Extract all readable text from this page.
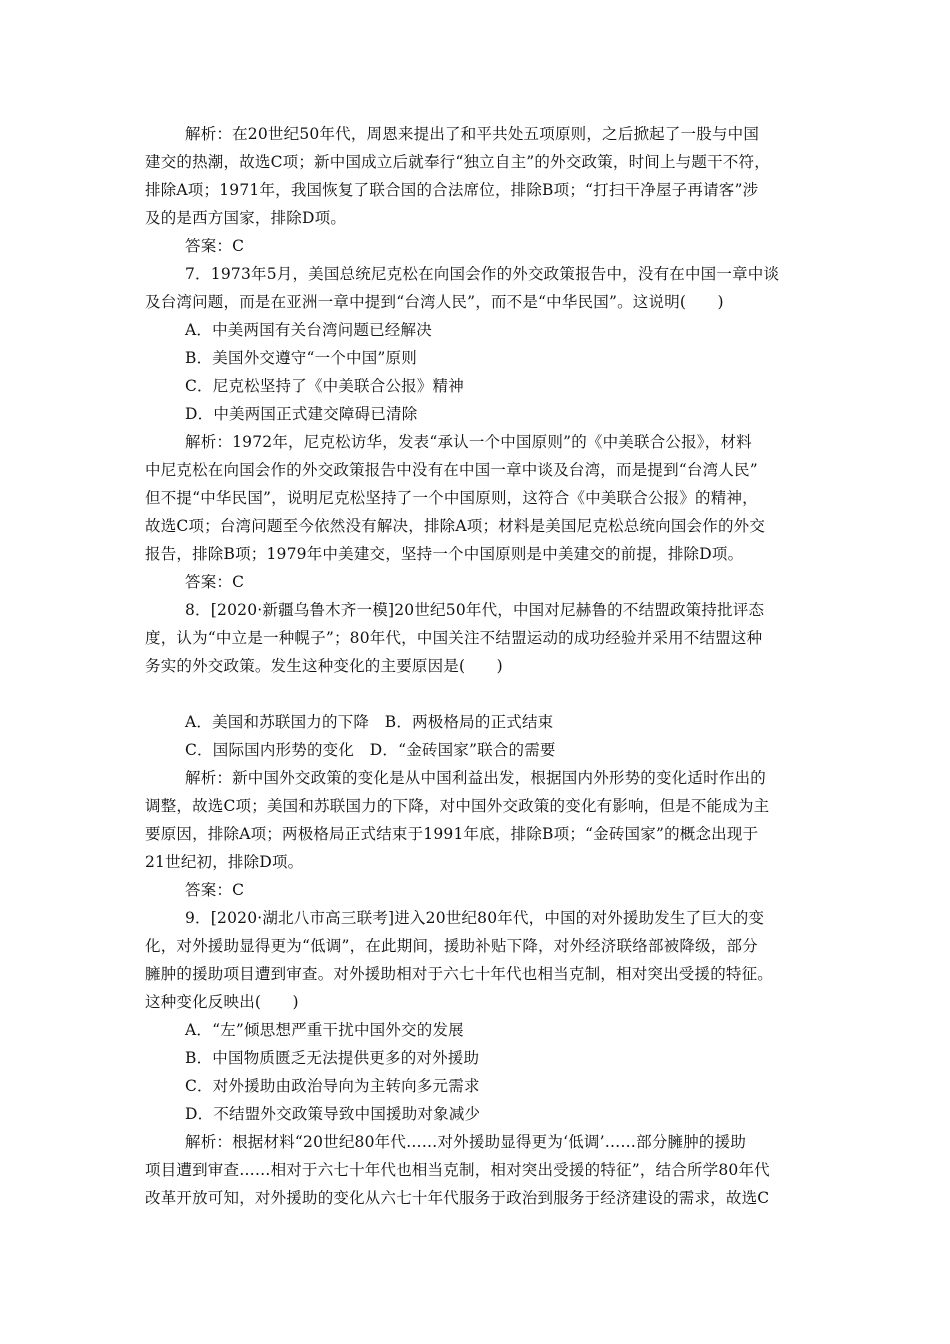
解析：在20世纪50年代，周恩来提出了和平共处五项原则，之后掀起了一股与中国
建交的热潮，故选C项；新中国成立后就奉行“独立自主”的外交政策，时间上与题干不符，
排除A项；1971年，我国恢复了联合国的合法席位，排除B项；“打扫干净屋子再请客”涉
及的是西方国家，排除D项。
答案：C
7．1973年5月，美国总统尼克松在向国会作的外交政策报告中，没有在中国一章中谈
及台湾问题，而是在亚洲一章中提到“台湾人民”，而不是“中华民国”。这说明(　　)
A．中美两国有关台湾问题已经解决
B．美国外交遵守“一个中国”原则
C．尼克松坚持了《中美联合公报》精神
D．中美两国正式建交障碍已清除
解析：1972年，尼克松访华，发表“承认一个中国原则”的《中美联合公报》，材料
中尼克松在向国会作的外交政策报告中没有在中国一章中谈及台湾，而是提到“台湾人民”
但不提“中华民国”，说明尼克松坚持了一个中国原则，这符合《中美联合公报》的精神，
故选C项；台湾问题至今依然没有解决，排除A项；材料是美国尼克松总统向国会作的外交
报告，排除B项；1979年中美建交，坚持一个中国原则是中美建交的前提，排除D项。
答案：C
8．[2020·新疆乌鲁木齐一模]20世纪50年代，中国对尼赫鲁的不结盟政策持批评态
度，认为“中立是一种幌子”；80年代，中国关注不结盟运动的成功经验并采用不结盟这种
务实的外交政策。发生这种变化的主要原因是(　　)
A．美国和苏联国力的下降　B．两极格局的正式结束
C．国际国内形势的变化　D．“金砖国家”联合的需要
解析：新中国外交政策的变化是从中国利益出发，根据国内外形势的变化适时作出的
调整，故选C项；美国和苏联国力的下降，对中国外交政策的变化有影响，但是不能成为主
要原因，排除A项；两极格局正式结束于1991年底，排除B项；“金砖国家”的概念出现于
21世纪初，排除D项。
答案：C
9．[2020·湖北八市高三联考]进入20世纪80年代，中国的对外援助发生了巨大的变
化，对外援助显得更为“低调”，在此期间，援助补贴下降，对外经济联络部被降级，部分
臃肿的援助项目遭到审查。对外援助相对于六七十年代也相当克制，相对突出受援的特征。
这种变化反映出(　　)
A．“左”倾思想严重干扰中国外交的发展
B．中国物质匮乏无法提供更多的对外援助
C．对外援助由政治导向为主转向多元需求
D．不结盟外交政策导致中国援助对象减少
解析：根据材料“20世纪80年代……对外援助显得更为‘低调’……部分臃肿的援助
项目遭到审查……相对于六七十年代也相当克制，相对突出受援的特征”，结合所学80年代
改革开放可知，对外援助的变化从六七十年代服务于政治到服务于经济建设的需求，故选C
